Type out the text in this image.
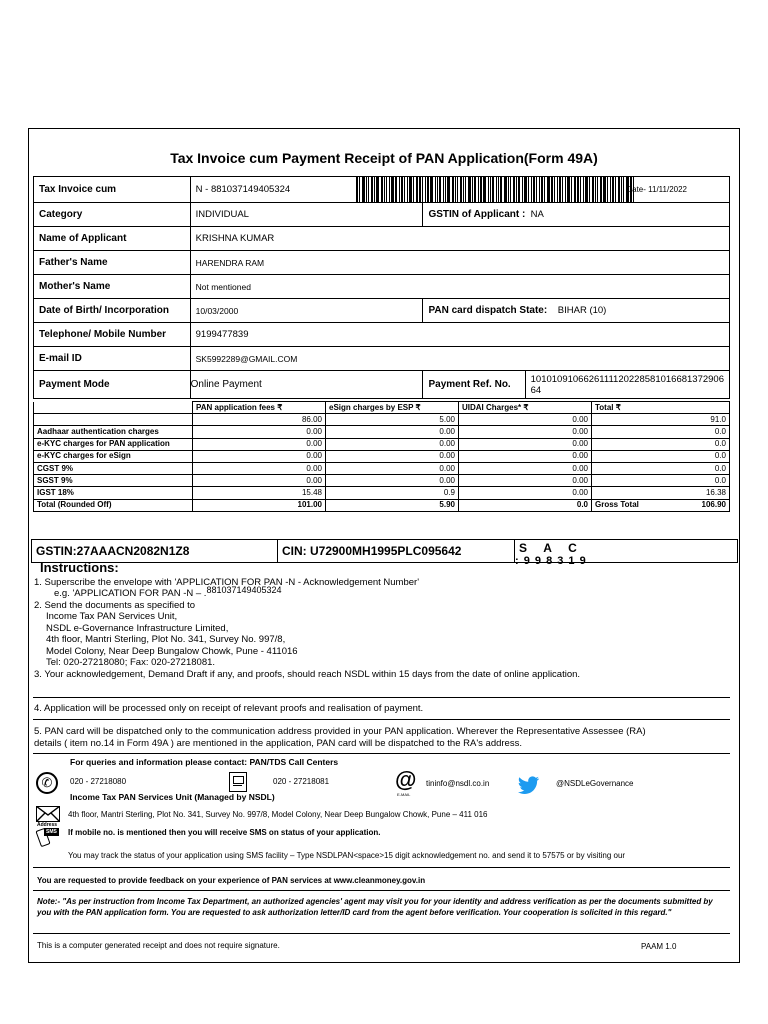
Tax Invoice cum Payment Receipt of PAN Application(Form 49A)
Tax Invoice cum	N - 881037149405324 Date- 11/11/2022		

Category	INDIVIDUAL	GSTIN of Applicant : NA	
Name of Applicant	KRISHNA KUMAR		
Father's Name	HARENDRA RAM		
Mother's Name	Not mentioned		
Date of Birth/ Incorporation	10/03/2000	PAN card dispatch State: BIHAR (10)	
Telephone/ Mobile Number	9199477839		
E-mail ID	SK5992289@GMAIL.COM		
Payment Mode	Online Payment	Payment Ref. No.	1010109106626111120228581016681372906 64
	PAN application fees ₹	eSign charges by ESP ₹	UIDAI Charges* ₹	Total ₹
	86.00	5.00	0.00	91.0
Aadhaar authentication charges	0.00	0.00	0.00	0.0
e-KYC charges for PAN application	0.00	0.00	0.00	0.0
e-KYC charges for eSign	0.00	0.00	0.00	0.0
CGST 9%	0.00	0.00	0.00	0.0
SGST 9%	0.00	0.00	0.00	0.0
IGST 18%	15.48	0.9	0.00	16.38
Total (Rounded Off)	101.00	5.90	0.0	Gross Total 106.90
GSTIN:27AAACN2082N1Z8	CIN: U72900MH1995PLC095642	S     A     C
: 9 9 8 3 1 9
Instructions:
1. Superscribe the envelope with 'APPLICATION FOR PAN -N - Acknowledgement Number'
e.g. 'APPLICATION FOR PAN -N – .881037149405324
2. Send the documents as specified to
Income Tax PAN Services Unit,
NSDL e-Governance Infrastructure Limited,
4th floor, Mantri Sterling, Plot No. 341, Survey No. 997/8,
Model Colony, Near Deep Bungalow Chowk, Pune - 411016
Tel: 020-27218080; Fax: 020-27218081.
3. Your acknowledgement, Demand Draft if any, and proofs, should reach NSDL within 15 days from the date of online application.
4. Application will be processed only on receipt of relevant proofs and realisation of payment.
5. PAN card will be dispatched only to the communication address provided in your PAN application. Wherever the Representative Assessee (RA)
details ( item no.14 in Form 49A ) are mentioned in the application, PAN card will be dispatched to the RA's address.
For queries and information please contact: PAN/TDS Call Centers
✆	020 - 27218080	020 - 27218081	@
E-MAIL
tininfo@nsdl.co.in	@NSDLeGovernance
Income Tax PAN Services Unit (Managed by NSDL)
Address
4th floor, Mantri Sterling, Plot No. 341, Survey No. 997/8, Model Colony, Near Deep Bungalow Chowk, Pune – 411 016
SMS If mobile no. is mentioned then you will receive SMS on status of your application.
You may track the status of your application using SMS facility – Type NSDLPAN<space>15 digit acknowledgement no. and send it to 57575 or by visiting our
You are requested to provide feedback on your experience of PAN services at www.cleanmoney.gov.in
Note:- "As per instruction from Income Tax Department, an authorized agencies' agent may visit you for your identity and address verification as per the documents submitted by you with the PAN application form. You are requested to ask authorization letter/ID card from the agent before verification. Your cooperation is solicited in this regard."
This is a computer generated receipt and does not require signature.	PAAM 1.0
